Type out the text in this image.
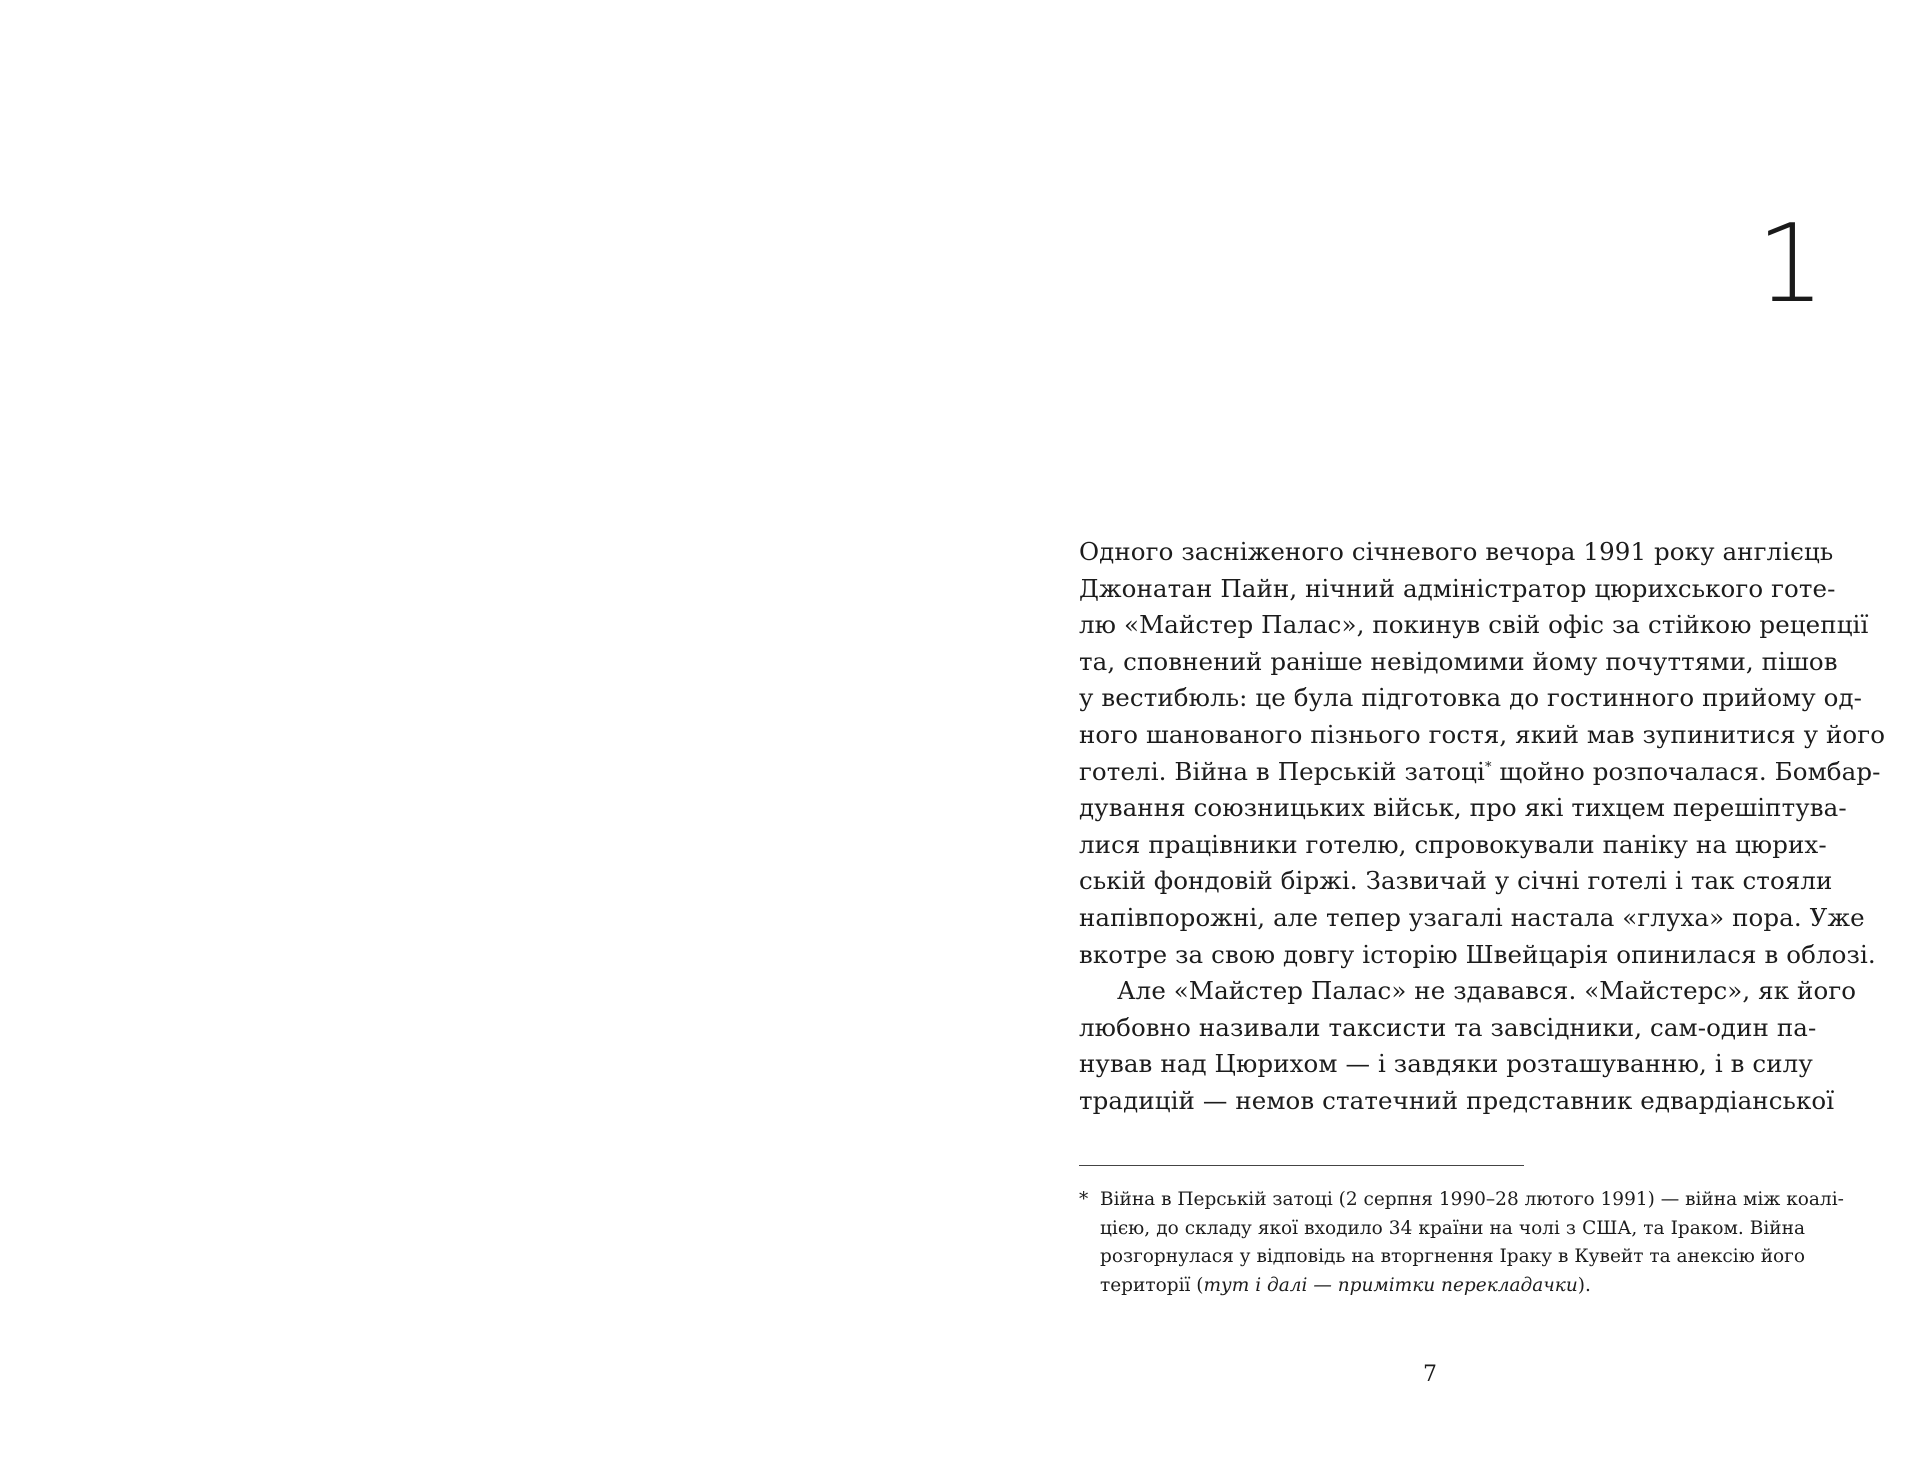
1
Одного засніженого січневого вечора 1991 року англієць
Джонатан Пайн, нічний адміністратор цюрихського готе-
лю «Майстер Палас», покинув свій офіс за стійкою рецепції
та, сповнений раніше невідомими йому почуттями, пішов
у вестибюль: це була підготовка до гостинного прийому од-
ного шанованого пізнього гостя, який мав зупинитися у його
готелі. Війна в Перській затоці* щойно розпочалася. Бомбар-
дування союзницьких військ, про які тихцем перешіптува-
лися працівники готелю, спровокували паніку на цюрих-
ській фондовій біржі. Зазвичай у січні готелі і так стояли
напівпорожні, але тепер узагалі настала «глуха» пора. Уже
вкотре за свою довгу історію Швейцарія опинилася в облозі.
Але «Майстер Палас» не здавався. «Майстерс», як його
любовно називали таксисти та завсідники, сам-один па-
нував над Цюрихом — і завдяки розташуванню, і в силу
традицій — немов статечний представник едвардіанської
* Війна в Перській затоці (2 серпня 1990–28 лютого 1991) — війна між коалі-
цією, до складу якої входило 34 країни на чолі з США, та Іраком. Війна
розгорнулася у відповідь на вторгнення Іраку в Кувейт та анексію його
території (тут і далі — примітки перекладачки).
7
